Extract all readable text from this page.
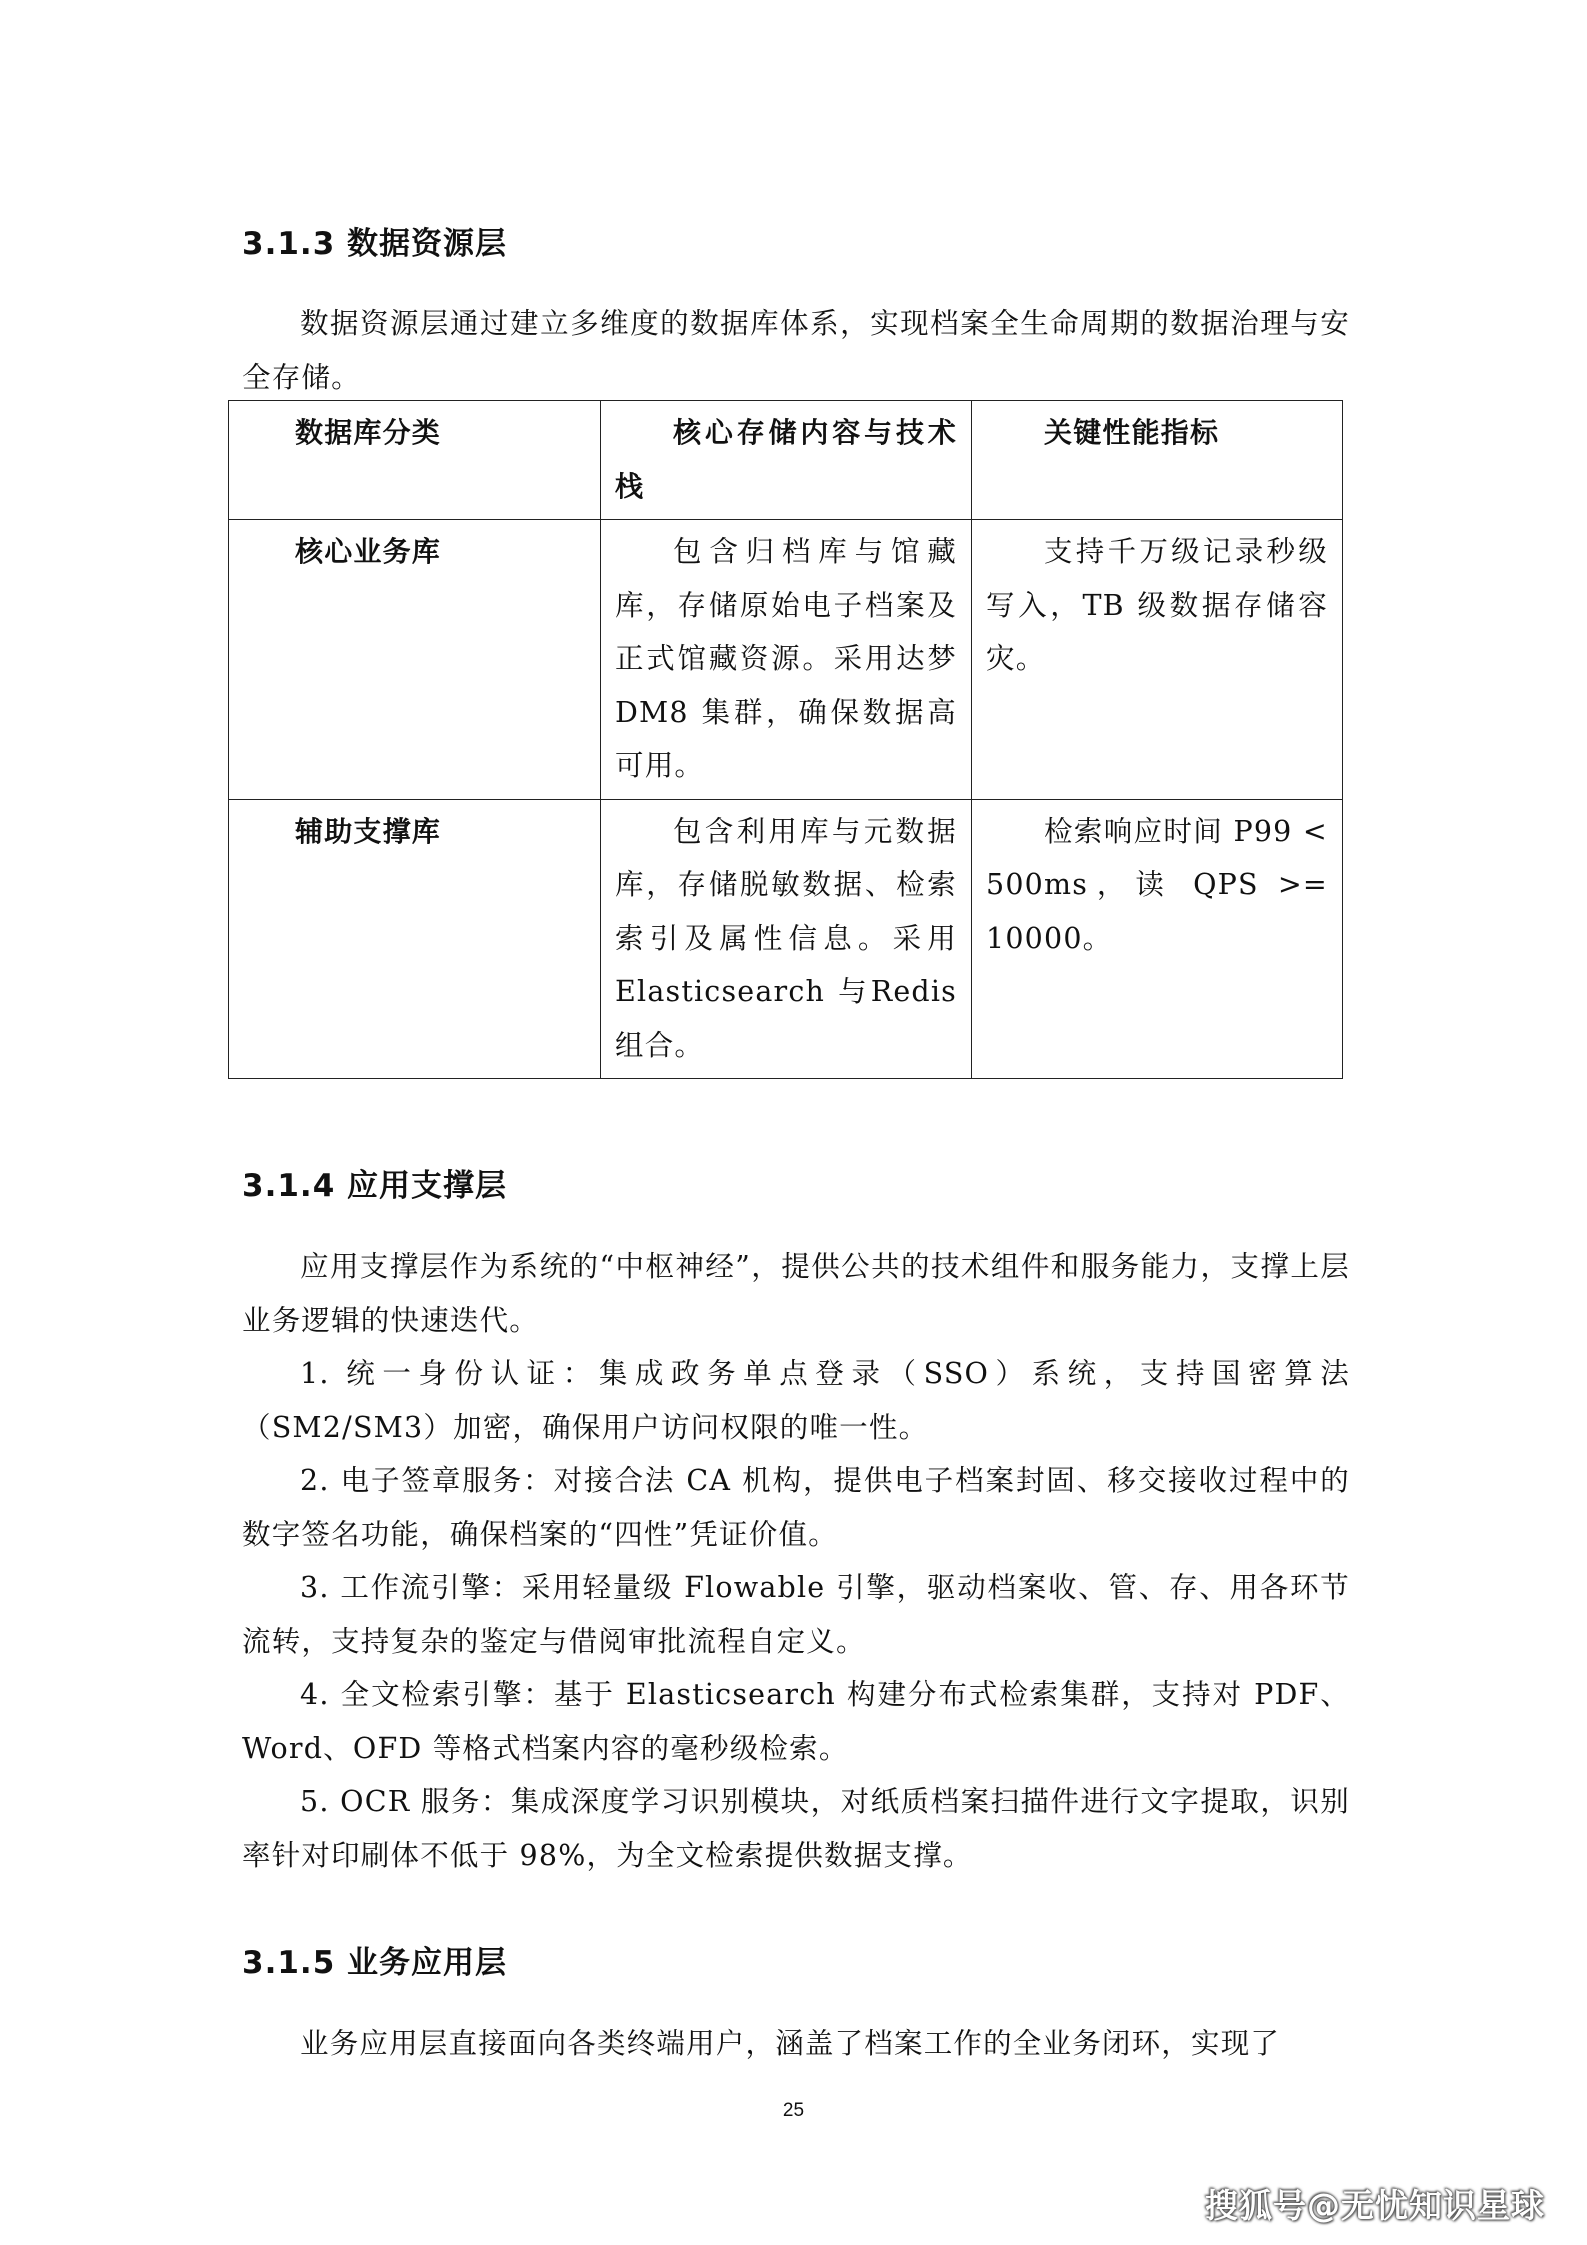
3.1.3 数据资源层

数据资源层通过建立多维度的数据库体系，实现档案全生命周期的数据治理与安全存储。

数据库分类	核心存储内容与技术栈	关键性能指标
核心业务库	包含归档库与馆藏库，存储原始电子档案及正式馆藏资源。采用达梦DM8 集群，确保数据高可用。	支持千万级记录秒级写入，TB 级数据存储容灾。
辅助支撑库	包含利用库与元数据库，存储脱敏数据、检索索引及属性信息。采用Elasticsearch 与Redis 组合。	检索响应时间 P99 < 500ms，读 QPS >= 10000。
3.1.4 应用支撑层

应用支撑层作为系统的“中枢神经”，提供公共的技术组件和服务能力，支撑上层业务逻辑的快速迭代。

1. 统一身份认证：集成政务单点登录（SSO）系统，支持国密算法（SM2/SM3）加密，确保用户访问权限的唯一性。

2. 电子签章服务：对接合法 CA 机构，提供电子档案封固、移交接收过程中的数字签名功能，确保档案的“四性”凭证价值。

3. 工作流引擎：采用轻量级 Flowable 引擎，驱动档案收、管、存、用各环节流转，支持复杂的鉴定与借阅审批流程自定义。

4. 全文检索引擎：基于 Elasticsearch 构建分布式检索集群，支持对 PDF、Word、OFD 等格式档案内容的毫秒级检索。

5. OCR 服务：集成深度学习识别模块，对纸质档案扫描件进行文字提取，识别率针对印刷体不低于 98%，为全文检索提供数据支撑。

3.1.5 业务应用层

业务应用层直接面向各类终端用户，涵盖了档案工作的全业务闭环，实现了

25
搜狐号@无忧知识星球
